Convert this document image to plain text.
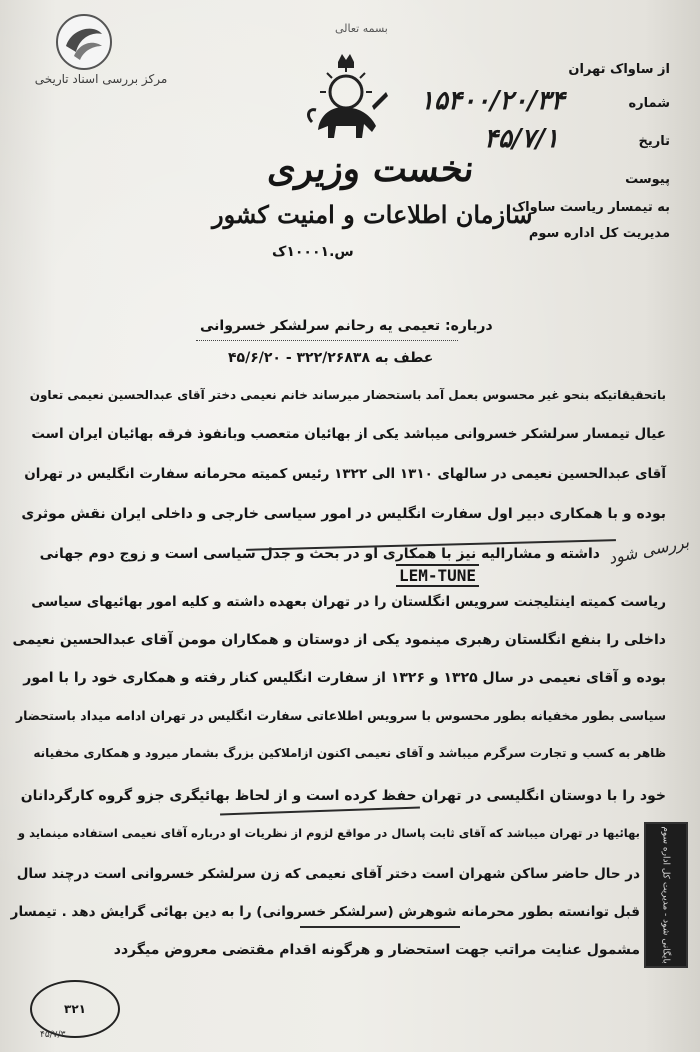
مرکز بررسی اسناد تاریخی
بسمه تعالی
نخست وزیری
سازمان اطلاعات و امنیت کشور
س.۱۰۰۰۱ک
از ساواک تهران
شماره
۱۵۴۰۰/۲۰/۳۴
تاریخ
۴۵/۷/۱
پیوست
به تیمسار ریاست ساواک
مدیریت کل اداره سوم
درباره: تعیمی یه رحانم سرلشکر خسروانی
عطف به ۳۲۲/۲۶۸۳۸ - ۴۵/۶/۲۰
باتحقیقاتیکه بنحو غیر محسوس بعمل آمد باستحضار میرساند خانم نعیمی دختر آقای عبدالحسین نعیمی تعاون
عیال تیمسار سرلشکر خسروانی میباشد یکی از بهائیان متعصب وبانفوذ فرقه بهائیان ایران است
آقای عبدالحسین نعیمی در سالهای ۱۳۱۰ الی ۱۳۲۲ رئیس کمیته محرمانه سفارت انگلیس در تهران
بوده و با همکاری دبیر اول سفارت انگلیس در امور سیاسی خارجی و داخلی ایران نقش موثری
داشته و مشارالیه نیز با همکاری او در بحث و جدل سیاسی است و زوج دوم جهانی
LEM-TUNE
ریاست کمیته اینتلیجنت سرویس انگلستان را در تهران بعهده داشته و کلیه امور بهائیهای سیاسی
داخلی را بنفع انگلستان رهبری مینمود یکی از دوستان و همکاران مومن آقای عبدالحسین نعیمی
بوده و آقای نعیمی در سال ۱۳۲۵ و ۱۳۲۶ از سفارت انگلیس کنار رفته و همکاری خود را با امور
سیاسی بطور مخفیانه بطور محسوس با سرویس اطلاعاتی سفارت انگلیس در تهران ادامه میداد باستحضار
ظاهر به کسب و تجارت سرگرم میباشد و آقای نعیمی اکنون ازاملاکین بزرگ بشمار میرود و همکاری مخفیانه
خود را با دوستان انگلیسی در تهران حفظ کرده است و از لحاظ بهائیگری جزو گروه کارگردانان
بهائیها در تهران میباشد که آقای ثابت پاسال در مواقع لزوم از نظریات او درباره آقای نعیمی استفاده مینماید و
در حال حاضر ساکن شهران است دختر آقای نعیمی که زن سرلشکر خسروانی است درچند سال
قبل توانسته بطور محرمانه شوهرش (سرلشکر خسروانی) را به دین بهائی گرایش دهد . تیمسار
مشمول عنایت مراتب جهت استحضار و هرگونه اقدام مقتضی معروض میگردد
بررسی شود
بایگانی شود - مدیریت کل اداره سوم
۳۲۱
۴۵/۷/۳
